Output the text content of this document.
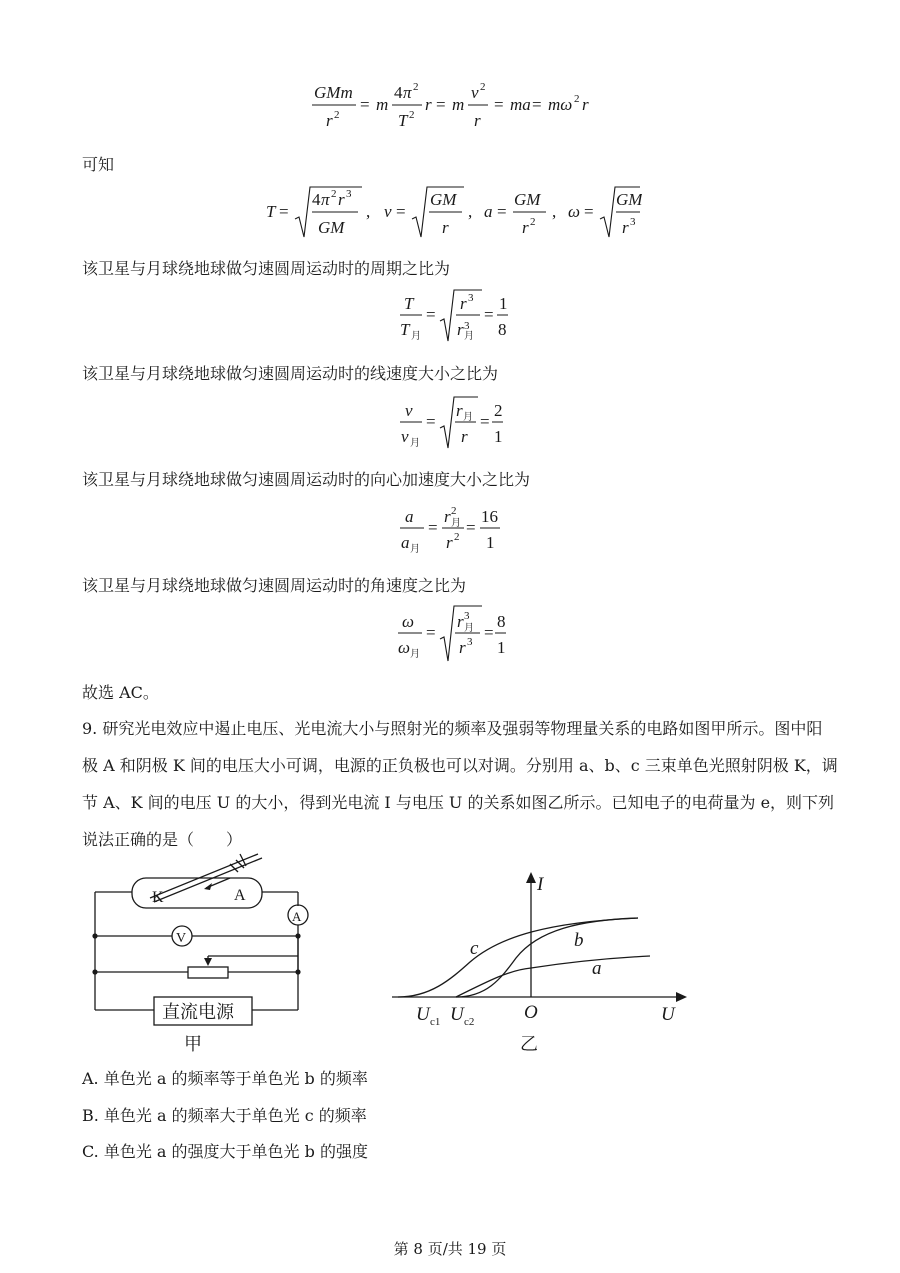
GMm
r 2
= m
4 π 2
T 2
r = m
v 2
r
= ma = mω 2 r
可知
T =
4 π 2 r 3
GM
, v =
GM
r
, a =
GM
r 2
, ω =
GM
r 3
该卫星与月球绕地球做匀速圆周运动时的周期之比为
T
T 月
=
r 3
r 3
月
=
1
8
该卫星与月球绕地球做匀速圆周运动时的线速度大小之比为
v
v 月
=
r 月
r
=
2
1
该卫星与月球绕地球做匀速圆周运动时的向心加速度大小之比为
a
a 月
=
r 2
月
r 2 =
16
1
该卫星与月球绕地球做匀速圆周运动时的角速度之比为
ω
ω 月
=
r 3
月
r 3 =
8
1
故选 AC。
9. 研究光电效应中遏止电压、光电流大小与照射光的频率及强弱等物理量关系的电路如图甲所示。图中阳
极 A 和阴极 K 间的电压大小可调，电源的正负极也可以对调。分别用 a、b、c 三束单色光照射阴极 K，调
节 A、K 间的电压 U 的大小，得到光电流 I 与电压 U 的关系如图乙所示。已知电子的电荷量为 e，则下列
说法正确的是（　　）
K	A
A
V
直流电源
甲
I
U
O
c	b
a
U U
c1 c2
乙
A. 单色光 a 的频率等于单色光 b 的频率
B. 单色光 a 的频率大于单色光 c 的频率
C. 单色光 a 的强度大于单色光 b 的强度
第 8 页/共 19 页
